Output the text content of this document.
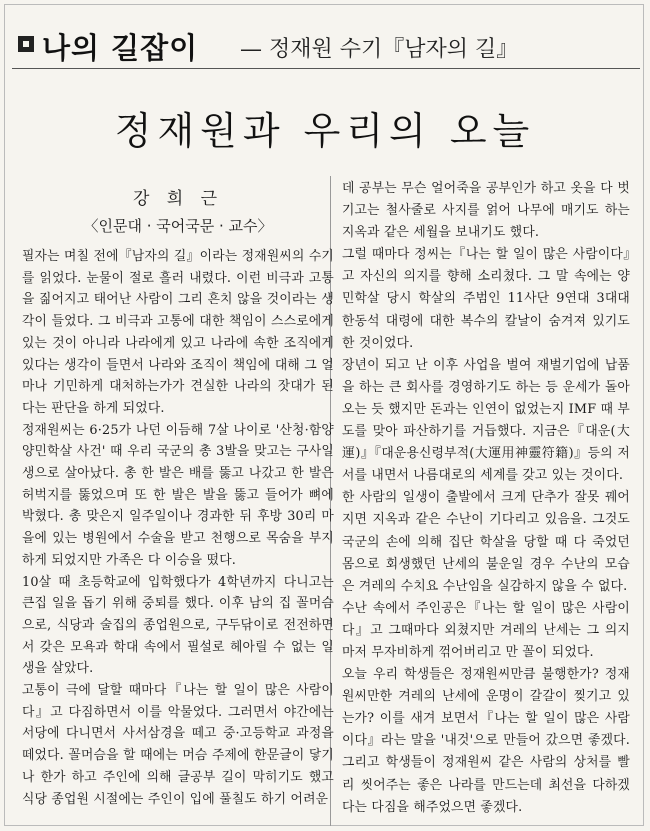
나의 길잡이 — 정재원 수기『남자의 길』
정재원과 우리의 오늘
강 희 근
〈인문대 · 국어국문 · 교수〉
필자는 며칠 전에『남자의 길』이라는 정재원씨의 수기를 읽었다. 눈물이 절로 흘러 내렸다. 이런 비극과 고통을 짊어지고 태어난 사람이 그리 흔치 않을 것이라는 생각이 들었다. 그 비극과 고통에 대한 책임이 스스로에게 있는 것이 아니라 나라에게 있고 나라에 속한 조직에게 있다는 생각이 들면서 나라와 조직이 책임에 대해 그 얼마나 기민하게 대처하는가가 견실한 나라의 잣대가 된다는 판단을 하게 되었다.
정재원씨는 6·25가 나던 이듬해 7살 나이로 '산청·함양 양민학살 사건' 때 우리 국군의 총 3발을 맞고는 구사일생으로 살아났다. 총 한 발은 배를 뚫고 나갔고 한 발은 허벅지를 뚫었으며 또 한 발은 발을 뚫고 들어가 뼈에 박혔다. 총 맞은지 일주일이나 경과한 뒤 후방 30리 마을에 있는 병원에서 수술을 받고 천행으로 목숨을 부지하게 되었지만 가족은 다 이승을 떴다.
10살 때 초등학교에 입학했다가 4학년까지 다니고는 큰집 일을 돕기 위해 중퇴를 했다. 이후 남의 집 꼴머슴으로, 식당과 술집의 종업원으로, 구두닦이로 전전하면서 갖은 모욕과 학대 속에서 필설로 헤아릴 수 없는 일생을 살았다.
고통이 극에 달할 때마다『나는 할 일이 많은 사람이다』고 다짐하면서 이를 악물었다. 그러면서 야간에는 서당에 다니면서 사서삼경을 떼고 중·고등학교 과정을 떼었다. 꼴머슴을 할 때에는 머슴 주제에 한문글이 닿기나 한가 하고 주인에 의해 글공부 길이 막히기도 했고 식당 종업원 시절에는 주인이 입에 풀칠도 하기 어려운
데 공부는 무슨 얼어죽을 공부인가 하고 옷을 다 벗기고는 철사줄로 사지를 얽어 나무에 매기도 하는 지옥과 같은 세월을 보내기도 했다.
그럴 때마다 정씨는『나는 할 일이 많은 사람이다』고 자신의 의지를 향해 소리쳤다. 그 말 속에는 양민학살 당시 학살의 주범인 11사단 9연대 3대대 한동석 대령에 대한 복수의 칼날이 숨겨져 있기도 한 것이었다.
장년이 되고 난 이후 사업을 벌여 재벌기업에 납품을 하는 큰 회사를 경영하기도 하는 등 운세가 돌아오는 듯 했지만 돈과는 인연이 없었는지 IMF 때 부도를 맞아 파산하기를 거듭했다. 지금은『대운(大運)』『대운용신령부적(大運用神靈符籍)』등의 저서를 내면서 나름대로의 세계를 갖고 있는 것이다.
한 사람의 일생이 출발에서 크게 단추가 잘못 꿰어지면 지옥과 같은 수난이 기다리고 있음을. 그것도 국군의 손에 의해 집단 학살을 당할 때 다 죽었던 몸으로 회생했던 난세의 불운일 경우 수난의 모습은 겨레의 수치요 수난임을 실감하지 않을 수 없다.
수난 속에서 주인공은『나는 할 일이 많은 사람이다』고 그때마다 외쳤지만 겨레의 난세는 그 의지마저 무자비하게 꺾어버리고 만 꼴이 되었다.
오늘 우리 학생들은 정재원씨만큼 불행한가? 정재원씨만한 겨레의 난세에 운명이 갈갈이 찢기고 있는가? 이를 새겨 보면서『나는 할 일이 많은 사람이다』라는 말을 '내것'으로 만들어 갔으면 좋겠다. 그리고 학생들이 정재원씨 같은 사람의 상처를 빨리 씻어주는 좋은 나라를 만드는데 최선을 다하겠다는 다짐을 해주었으면 좋겠다.
